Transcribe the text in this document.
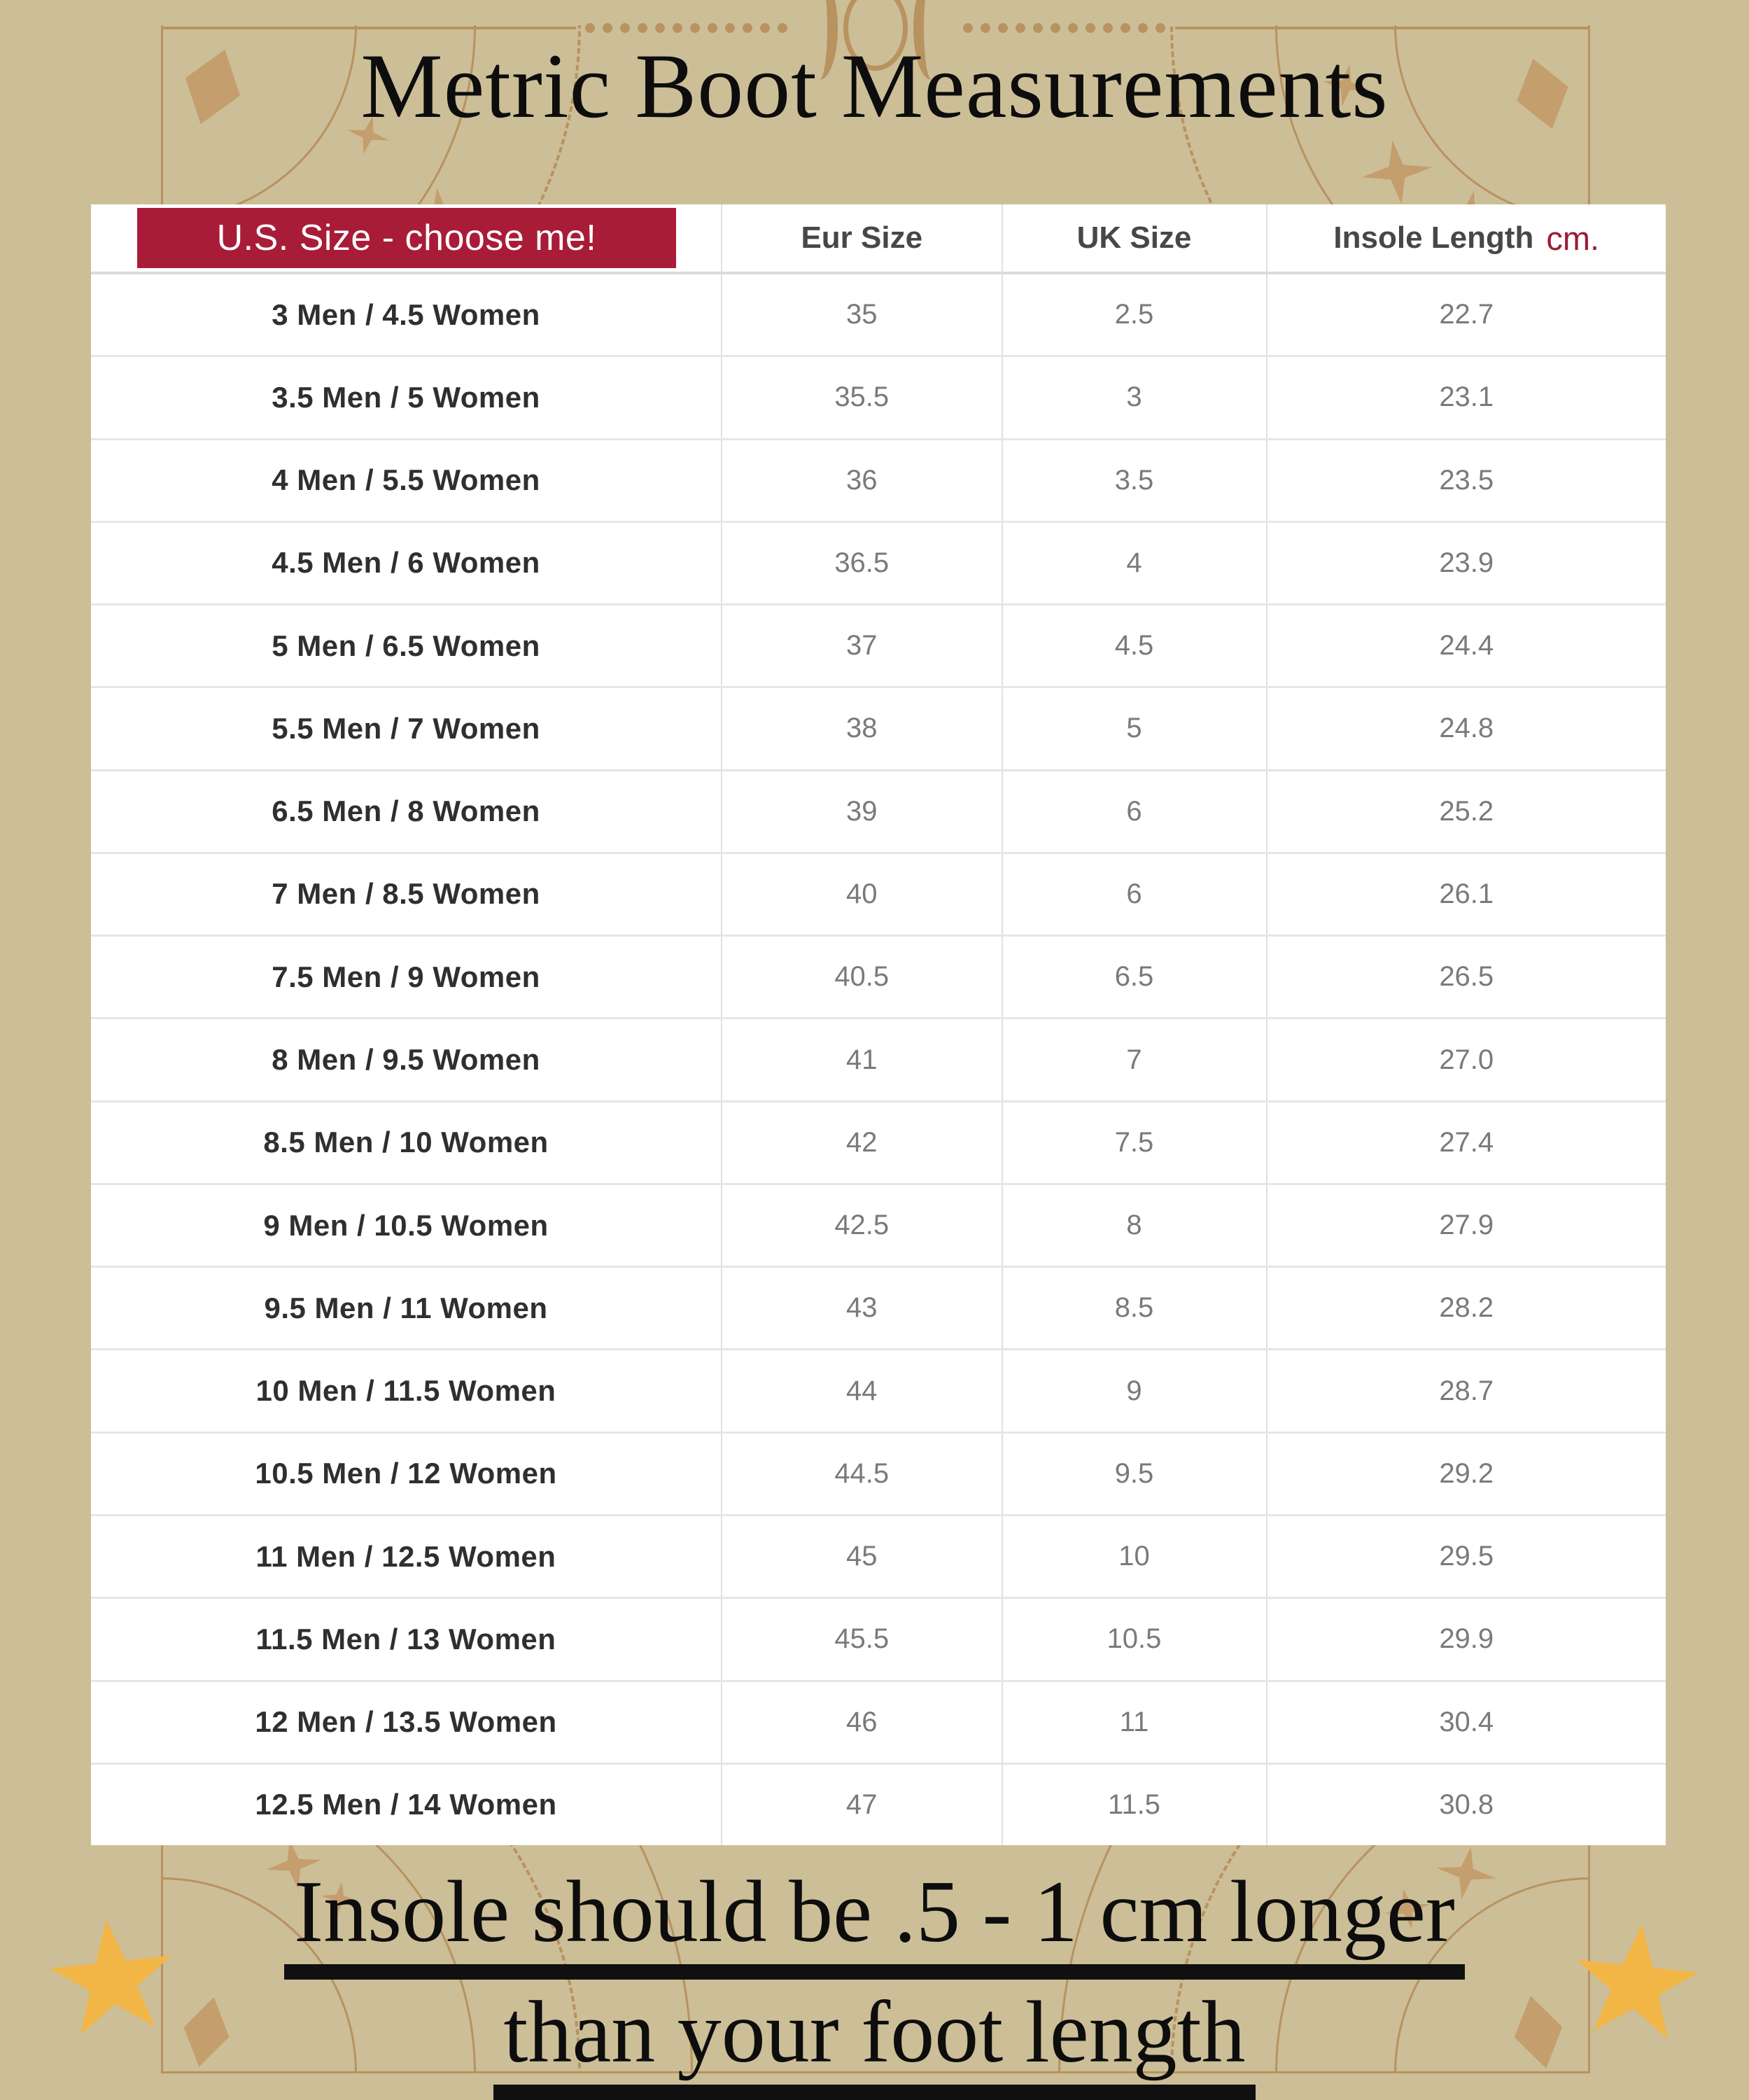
Metric Boot Measurements
U.S. Size - choose me!	Eur Size	UK Size	Insole Length cm.
3 Men / 4.5 Women	35	2.5	22.7
3.5 Men / 5 Women	35.5	3	23.1
4 Men / 5.5 Women	36	3.5	23.5
4.5 Men / 6 Women	36.5	4	23.9
5 Men / 6.5 Women	37	4.5	24.4
5.5 Men / 7 Women	38	5	24.8
6.5 Men / 8 Women	39	6	25.2
7 Men / 8.5 Women	40	6	26.1
7.5 Men / 9 Women	40.5	6.5	26.5
8 Men / 9.5 Women	41	7	27.0
8.5 Men / 10 Women	42	7.5	27.4
9 Men / 10.5 Women	42.5	8	27.9
9.5 Men / 11 Women	43	8.5	28.2
10 Men / 11.5 Women	44	9	28.7
10.5 Men / 12 Women	44.5	9.5	29.2
11 Men / 12.5 Women	45	10	29.5
11.5 Men / 13 Women	45.5	10.5	29.9
12 Men / 13.5 Women	46	11	30.4
12.5 Men / 14 Women	47	11.5	30.8
Insole should be .5 - 1 cm longer
than your foot length
